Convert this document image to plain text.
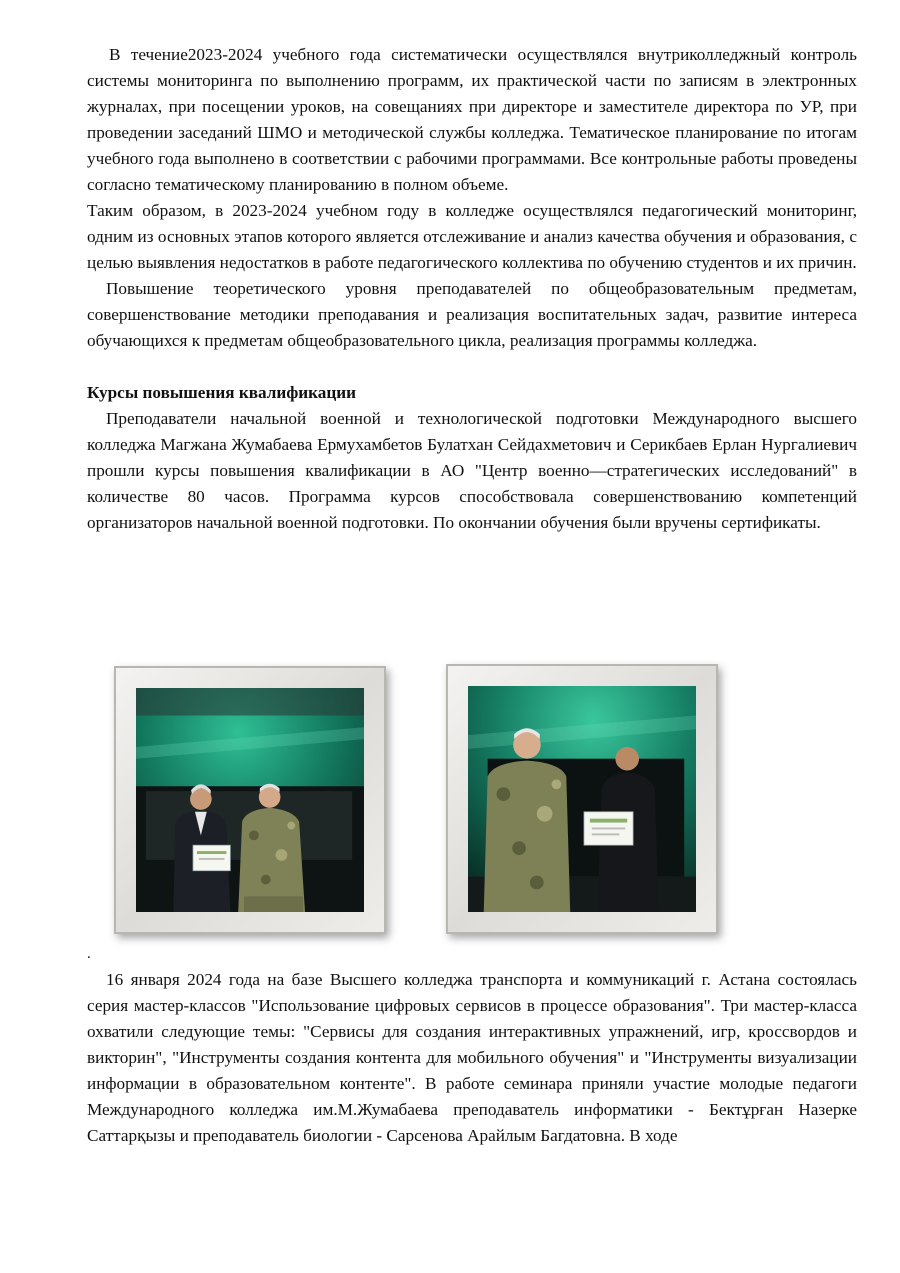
В течение2023-2024 учебного года систематически осуществлялся внутриколледжный контроль системы мониторинга по выполнению программ, их практической части по записям в электронных журналах, при посещении уроков, на совещаниях при директоре и заместителе директора по УР, при проведении заседаний ШМО и методической службы колледжа. Тематическое планирование по итогам учебного года выполнено в соответствии с рабочими программами. Все контрольные работы проведены согласно тематическому планированию в полном объеме.

Таким образом, в 2023-2024 учебном году в колледже осуществлялся педагогический мониторинг, одним из основных этапов которого является отслеживание и анализ качества обучения и образования, с целью выявления недостатков в работе педагогического коллектива по обучению студентов и их причин.

Повышение теоретического уровня преподавателей по общеобразовательным предметам, совершенствование методики преподавания и реализация воспитательных задач, развитие интереса обучающихся к предметам общеобразовательного цикла, реализация программы колледжа.

Курсы повышения квалификации

Преподаватели начальной военной и технологической подготовки Международного высшего колледжа Магжана Жумабаева Ермухамбетов Булатхан Сейдахметович и Серикбаев Ерлан Нургалиевич прошли курсы повышения квалификации в АО "Центр военно—стратегических исследований" в количестве 80 часов. Программа курсов способствовала совершенствованию компетенций организаторов начальной военной подготовки. По окончании обучения были вручены сертификаты.

.

16 января 2024 года на базе Высшего колледжа транспорта и коммуникаций г. Астана состоялась серия мастер-классов "Использование цифровых сервисов в процессе образования". Три мастер-класса охватили следующие темы: "Сервисы для создания интерактивных упражнений, игр, кроссвордов и викторин", "Инструменты создания контента для мобильного обучения" и "Инструменты визуализации информации в образовательном контенте". В работе семинара приняли участие молодые педагоги Международного колледжа им.М.Жумабаева преподаватель информатики - Бектұрған Назерке Саттарқызы и преподаватель биологии - Сарсенова Арайлым Багдатовна. В ходе
